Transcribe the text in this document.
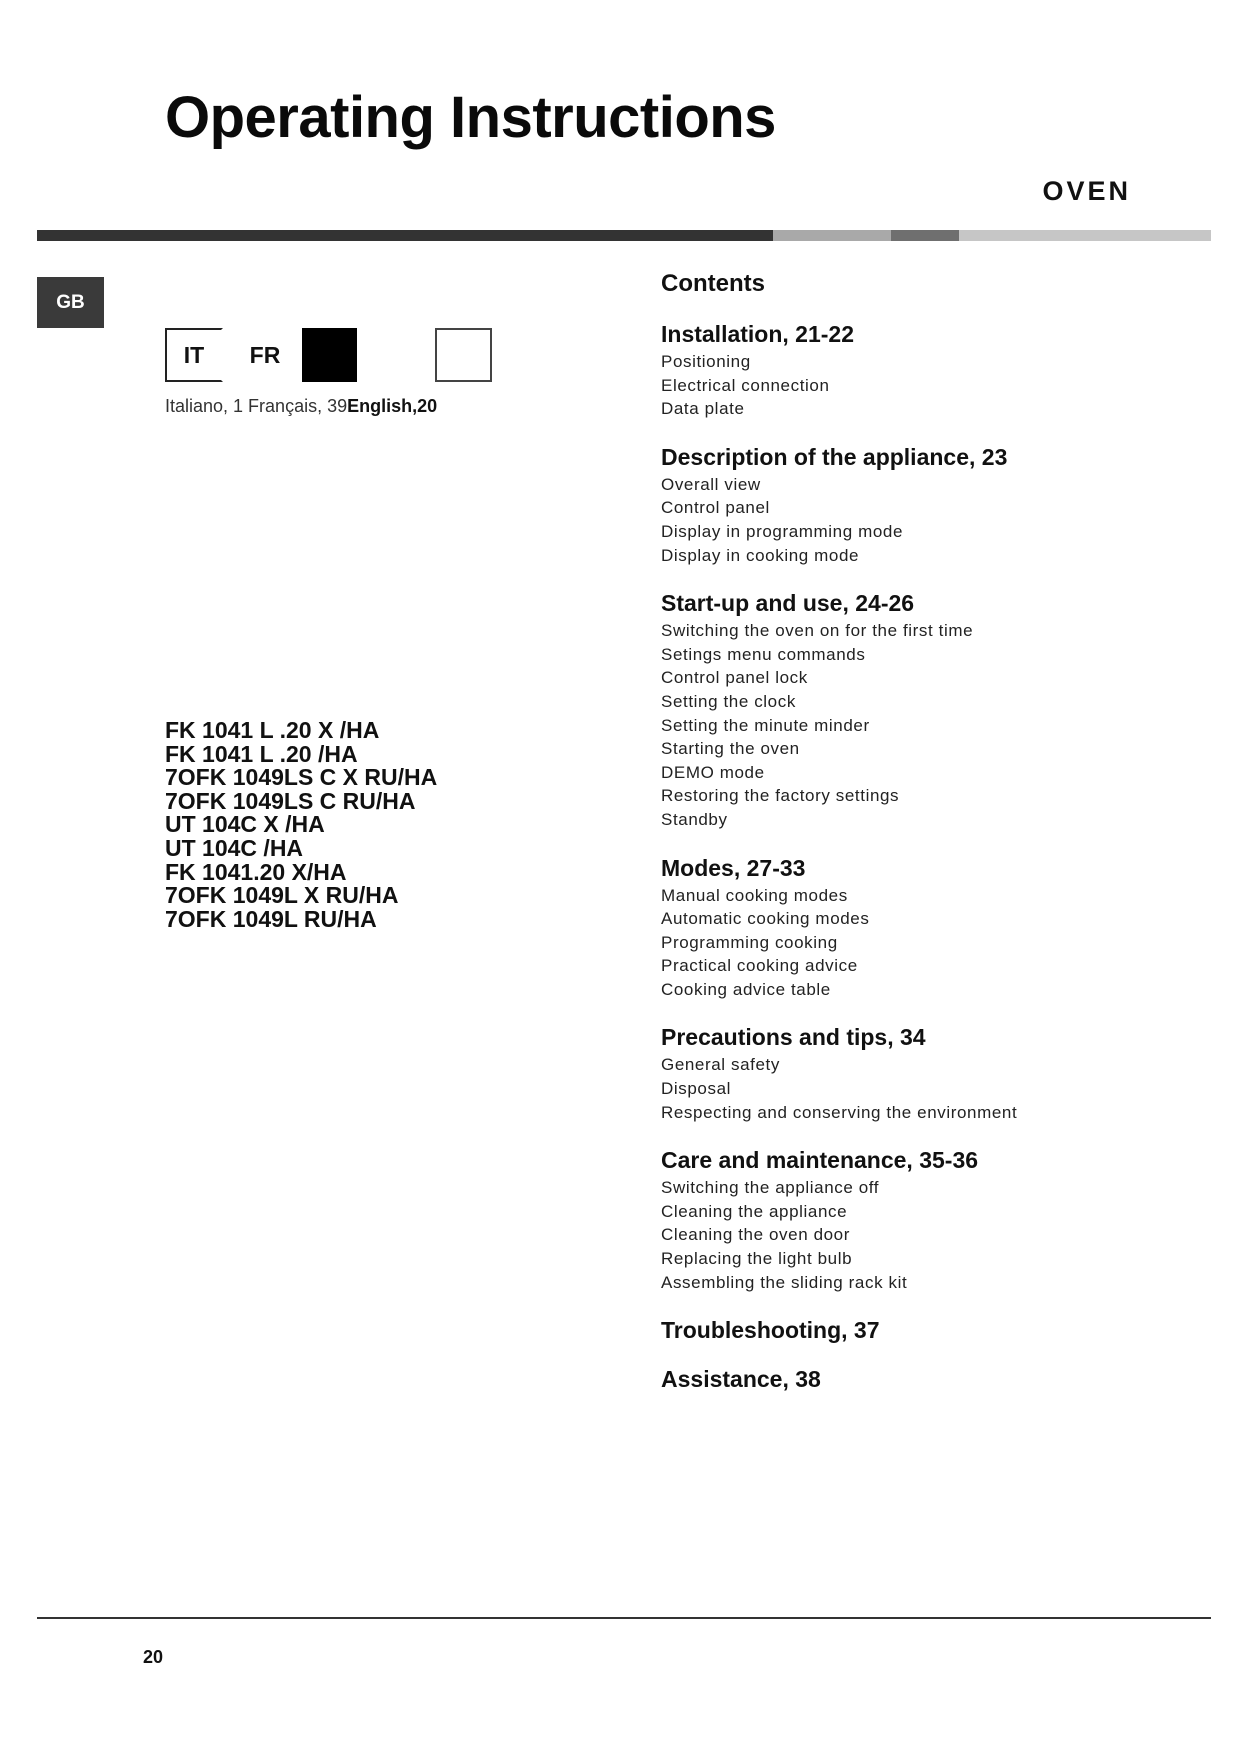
Operating Instructions
OVEN
GB
IT	FR
Italiano, 1 Français, 39English,20
FK 1041 L .20 X /HA
FK 1041 L .20 /HA
7OFK 1049LS C X RU/HA
7OFK 1049LS C RU/HA
UT 104C X /HA
UT 104C /HA
FK 1041.20 X/HA
7OFK 1049L X RU/HA
7OFK 1049L RU/HA
Contents
Installation, 21-22
Positioning
Electrical connection
Data plate
Description of the appliance, 23
Overall view
Control panel
Display in programming mode
Display in cooking mode
Start-up and use, 24-26
Switching the oven on for the first time
Setings menu commands
Control panel lock
Setting the clock
Setting the minute minder
Starting the oven
DEMO mode
Restoring the factory settings
Standby
Modes, 27-33
Manual cooking modes
Automatic cooking modes
Programming cooking
Practical cooking advice
Cooking advice table
Precautions and tips, 34
General safety
Disposal
Respecting and conserving the environment
Care and maintenance, 35-36
Switching the appliance off
Cleaning the appliance
Cleaning the oven door
Replacing the light bulb
Assembling the sliding rack kit
Troubleshooting, 37
Assistance, 38
20
